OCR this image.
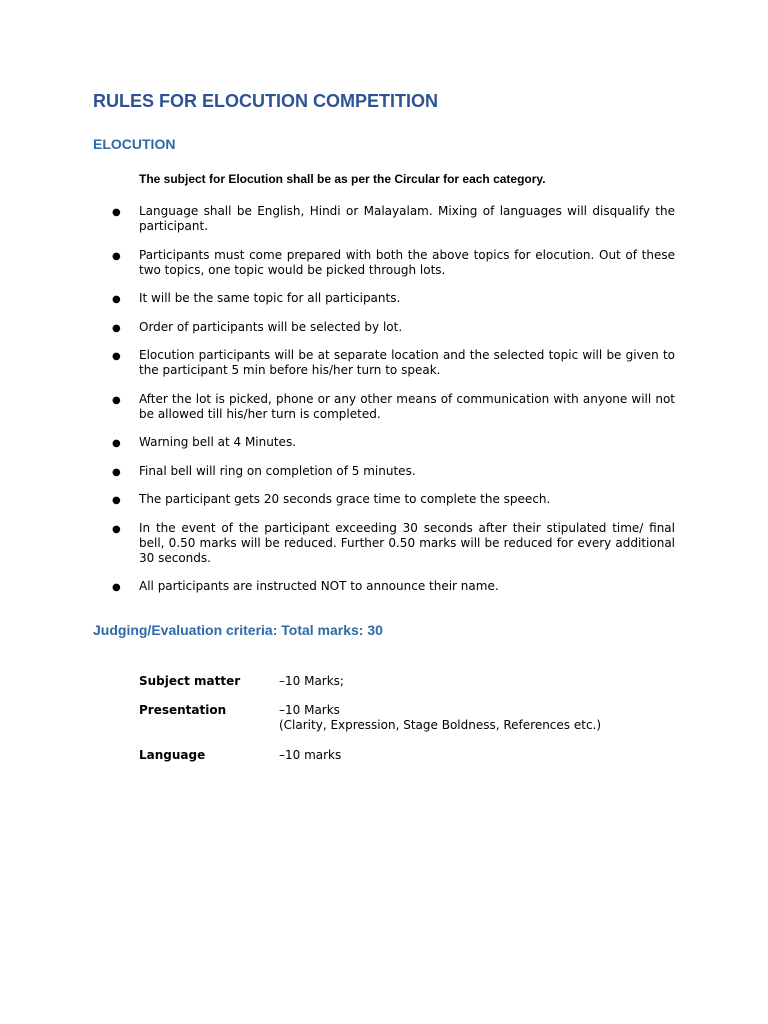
RULES FOR ELOCUTION COMPETITION
ELOCUTION

The subject for Elocution shall be as per the Circular for each category.

● Language shall be English, Hindi or Malayalam. Mixing of languages will disqualify the participant.
● Participants must come prepared with both the above topics for elocution. Out of these two topics, one topic would be picked through lots.
● It will be the same topic for all participants.
● Order of participants will be selected by lot.
● Elocution participants will be at separate location and the selected topic will be given to the participant 5 min before his/her turn to speak.
● After the lot is picked, phone or any other means of communication with anyone will not be allowed till his/her turn is completed.
● Warning bell at 4 Minutes.
● Final bell will ring on completion of 5 minutes.
● The participant gets 20 seconds grace time to complete the speech.
● In the event of the participant exceeding 30 seconds after their stipulated time/ final bell, 0.50 marks will be reduced. Further 0.50 marks will be reduced for every additional 30 seconds.
● All participants are instructed NOT to announce their name.
Judging/Evaluation criteria: Total marks: 30
Subject matter	–10 Marks;
Presentation	–10 Marks
(Clarity, Expression, Stage Boldness, References etc.)
Language	–10 marks
